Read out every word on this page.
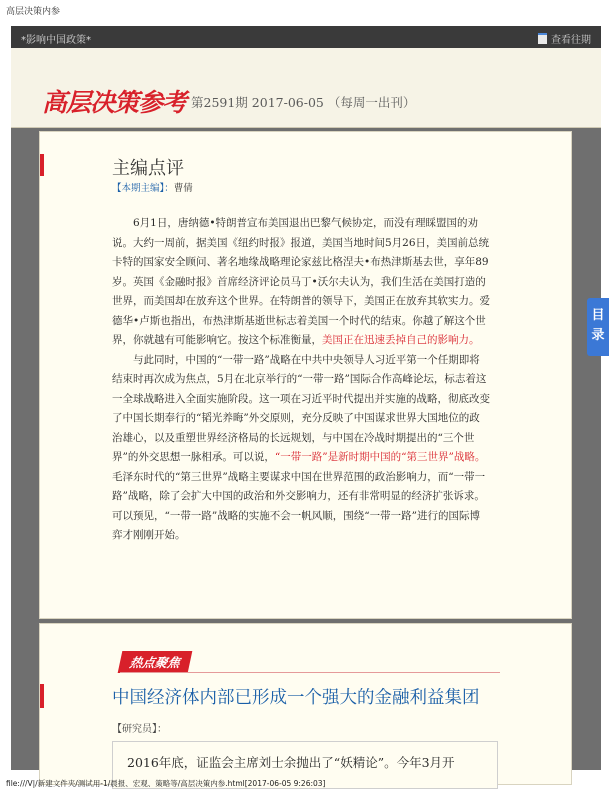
高层决策内参
*影响中国政策*	查看往期
高层决策参考 第2591期 2017-06-05 （每周一出刊）
主编点评
【本期主编】：曹倩

6月1日，唐纳德•特朗普宣布美国退出巴黎气候协定，而没有理睬盟国的劝说。大约一周前，据美国《纽约时报》报道，美国当地时间5月26日，美国前总统卡特的国家安全顾问、著名地缘战略理论家兹比格涅夫•布热津斯基去世，享年89岁。英国《金融时报》首席经济评论员马丁•沃尔夫认为，我们生活在美国打造的世界，而美国却在放弃这个世界。在特朗普的领导下，美国正在放弃其软实力。爱德华•卢斯也指出，布热津斯基逝世标志着美国一个时代的结束。你越了解这个世界，你就越有可能影响它。按这个标准衡量，美国正在迅速丢掉自己的影响力。

与此同时，中国的“一带一路”战略在中共中央领导人习近平第一个任期即将结束时再次成为焦点，5月在北京举行的“一带一路”国际合作高峰论坛，标志着这一全球战略进入全面实施阶段。这一项在习近平时代提出并实施的战略，彻底改变了中国长期奉行的“韬光养晦”外交原则，充分反映了中国谋求世界大国地位的政治雄心，以及重塑世界经济格局的长远规划，与中国在冷战时期提出的“三个世界”的外交思想一脉相承。可以说，“一带一路”是新时期中国的“第三世界”战略。毛泽东时代的“第三世界”战略主要谋求中国在世界范围的政治影响力，而“一带一路”战略，除了会扩大中国的政治和外交影响力，还有非常明显的经济扩张诉求。可以预见，“一带一路”战略的实施不会一帆风顺，围绕“一带一路”进行的国际博弈才刚刚开始。

热点聚焦
中国经济体内部已形成一个强大的金融利益集团
【研究员】：
2016年底，证监会主席刘士余抛出了“妖精论”。今年3月开
目
录
file:///V|/新建文件夹/测试用-1/晨报、宏观、策略等/高层决策内参.html[2017-06-05 9:26:03]
